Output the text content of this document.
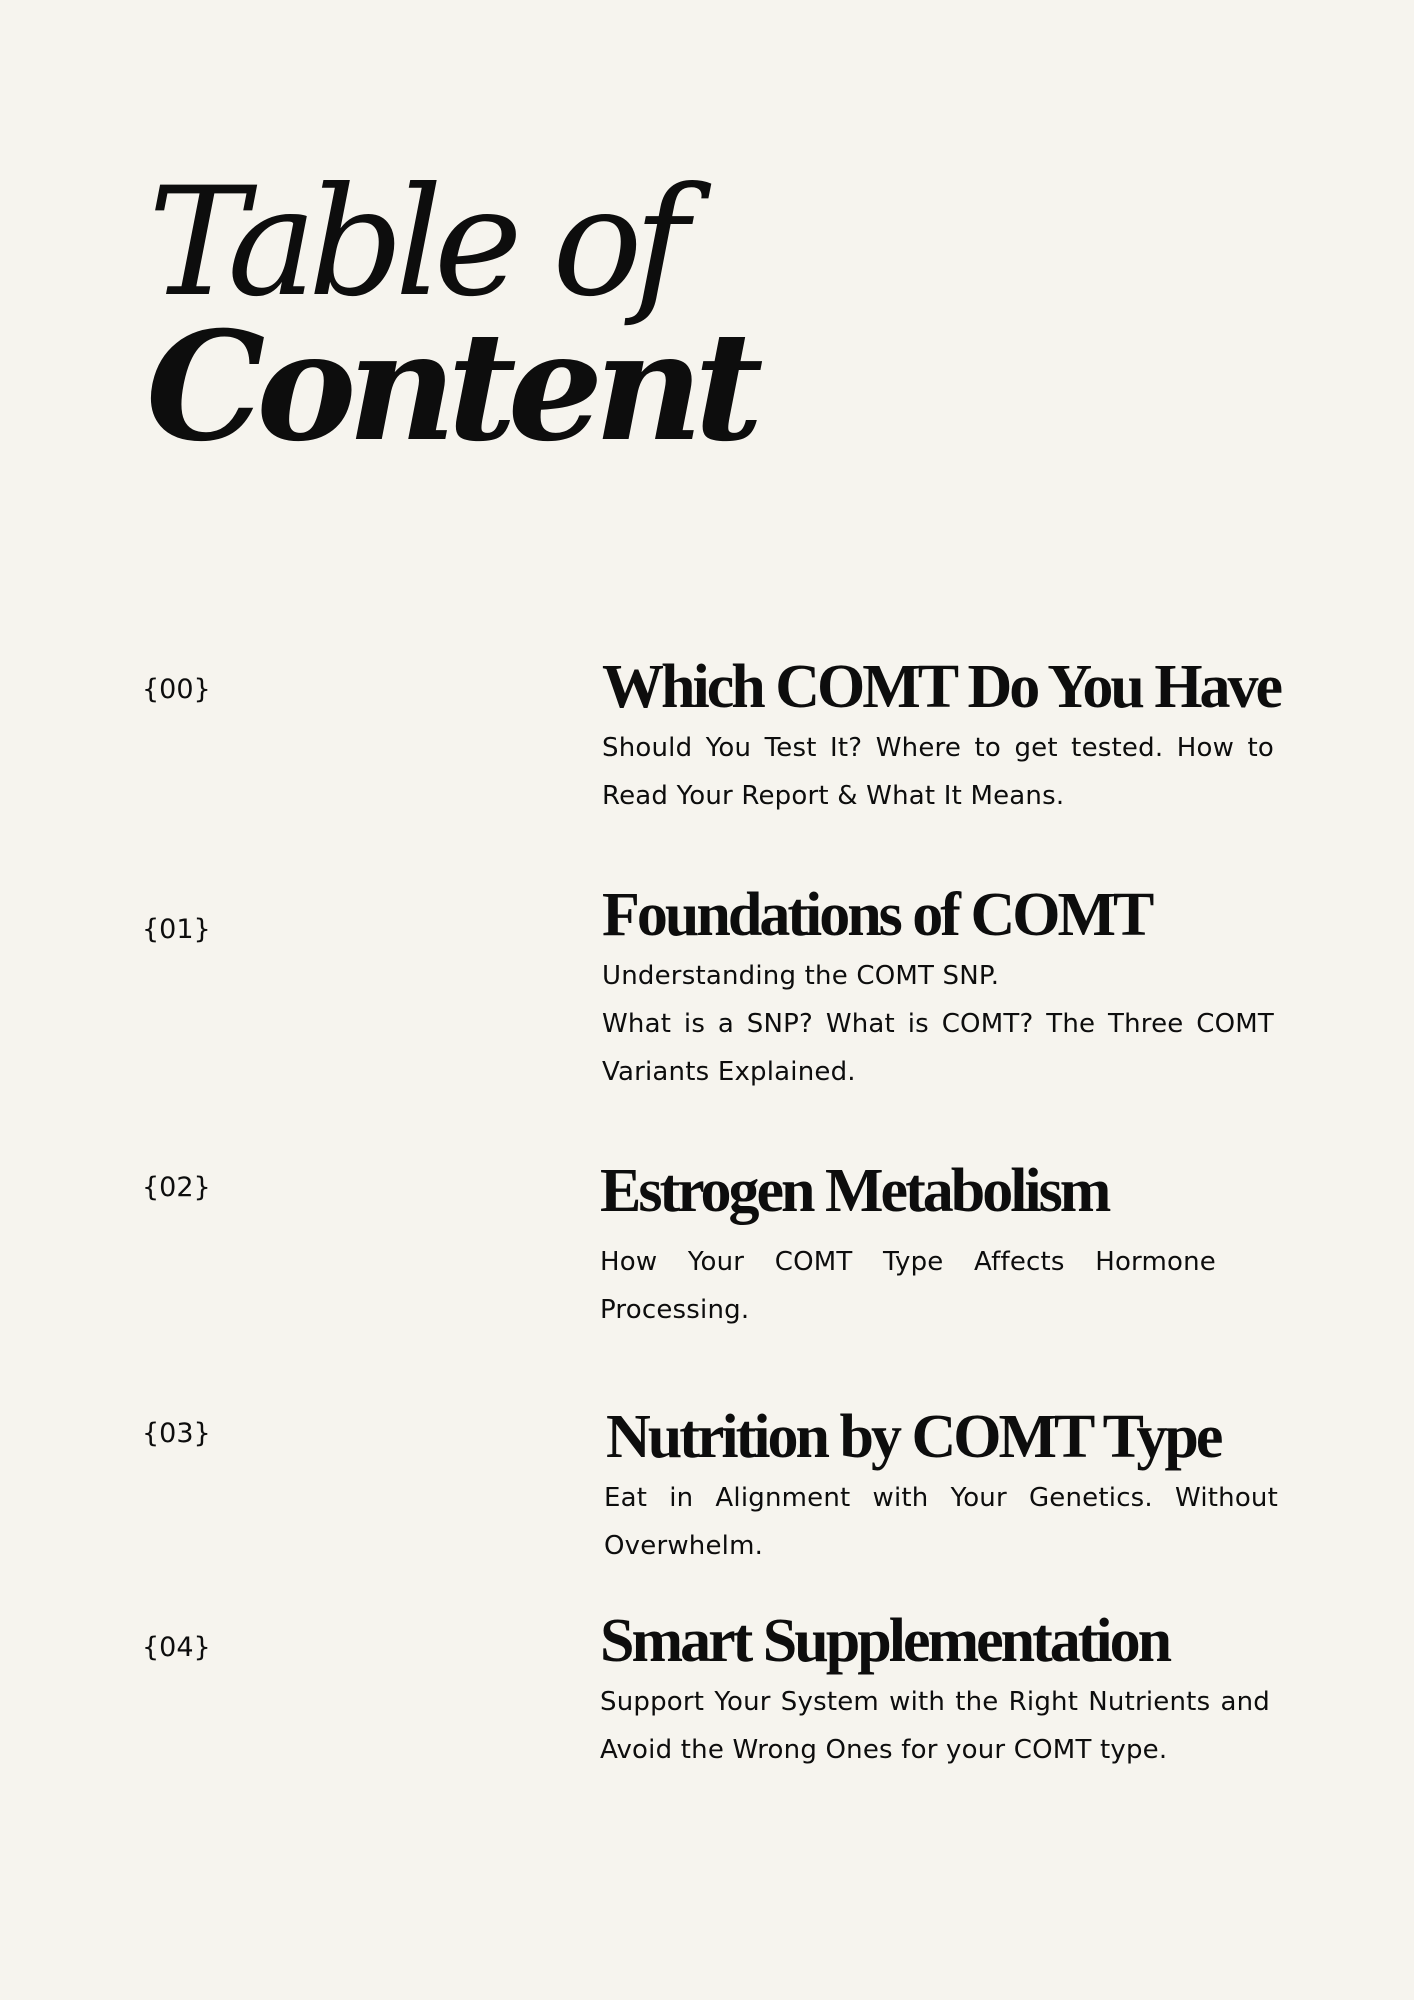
Table of
Content
{00}	Which COMT Do You Have

Should You Test It? Where to get tested. How to Read Your Report & What It Means.

{01}	Foundations of COMT

Understanding the COMT SNP.

What is a SNP? What is COMT? The Three COMT Variants Explained.

{02}	Estrogen Metabolism

How Your COMT Type Affects Hormone Processing.

{03}	Nutrition by COMT Type

Eat in Alignment with Your Genetics. Without Overwhelm.

{04}	Smart Supplementation

Support Your System with the Right Nutrients and Avoid the Wrong Ones for your COMT type.
